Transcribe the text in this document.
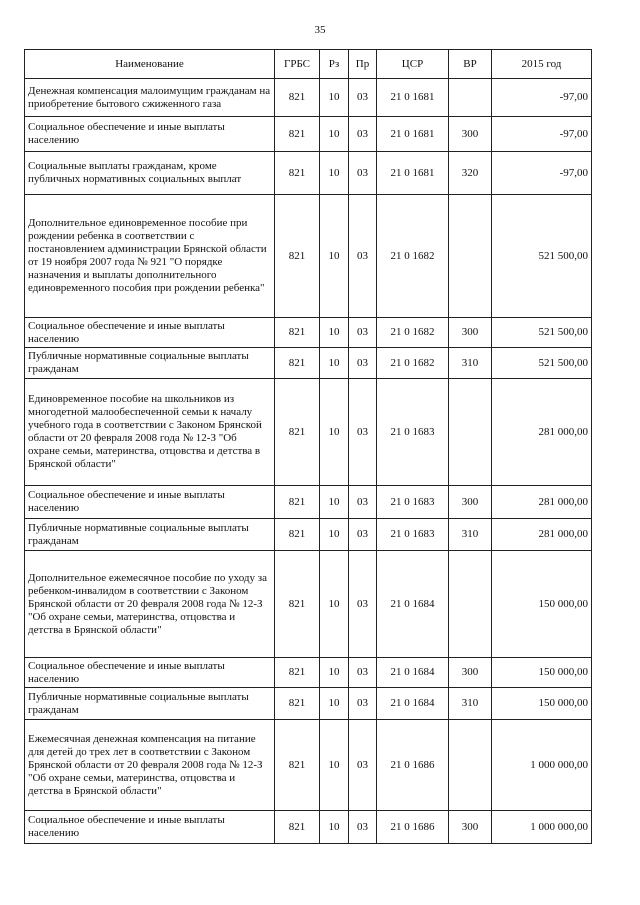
35
Наименование	ГРБС	Рз	Пр	ЦСР	ВР	2015 год
Денежная компенсация малоимущим гражданам на приобретение бытового сжиженного газа	821	10	03	21 0 1681		-97,00
Социальное обеспечение и иные выплаты населению	821	10	03	21 0 1681	300	-97,00
Социальные выплаты гражданам, кроме публичных нормативных социальных выплат	821	10	03	21 0 1681	320	-97,00
Дополнительное единовременное пособие при рождении ребенка в соответствии с постановлением администрации Брянской области от 19 ноября 2007 года № 921 "О порядке назначения и выплаты дополнительного единовременного пособия при рождении ребенка"	821	10	03	21 0 1682		521 500,00
Социальное обеспечение и иные выплаты населению	821	10	03	21 0 1682	300	521 500,00
Публичные нормативные социальные выплаты гражданам	821	10	03	21 0 1682	310	521 500,00
Единовременное пособие на школьников из многодетной малообеспеченной семьи к началу учебного года в соответствии с Законом Брянской области от 20 февраля 2008 года № 12-З "Об охране семьи, материнства, отцовства и детства в Брянской области"	821	10	03	21 0 1683		281 000,00
Социальное обеспечение и иные выплаты населению	821	10	03	21 0 1683	300	281 000,00
Публичные нормативные социальные выплаты гражданам	821	10	03	21 0 1683	310	281 000,00
Дополнительное ежемесячное пособие по уходу за ребенком-инвалидом в соответствии с Законом Брянской области от 20 февраля 2008 года № 12-З "Об охране семьи, материнства, отцовства и детства в Брянской области"	821	10	03	21 0 1684		150 000,00
Социальное обеспечение и иные выплаты населению	821	10	03	21 0 1684	300	150 000,00
Публичные нормативные социальные выплаты гражданам	821	10	03	21 0 1684	310	150 000,00
Ежемесячная денежная компенсация на питание для детей до трех лет в соответствии с Законом Брянской области от 20 февраля 2008 года № 12-З "Об охране семьи, материнства, отцовства и детства в Брянской области"	821	10	03	21 0 1686		1 000 000,00
Социальное обеспечение и иные выплаты населению	821	10	03	21 0 1686	300	1 000 000,00
